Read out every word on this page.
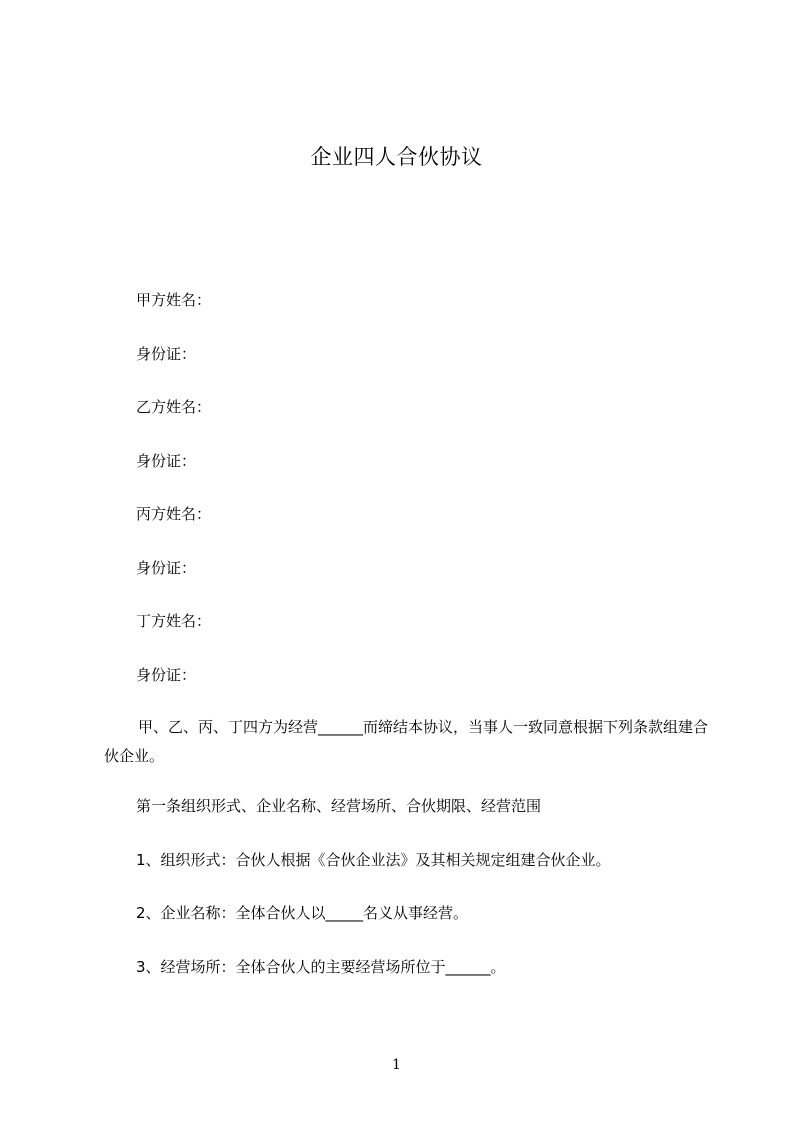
企业四人合伙协议
甲方姓名：
身份证：
乙方姓名：
身份证：
丙方姓名：
身份证：
丁方姓名：
身份证：
甲、乙、丙、丁四方为经营______而缔结本协议，当事人一致同意根据下列条款组建合伙企业。
第一条组织形式、企业名称、经营场所、合伙期限、经营范围
1、组织形式：合伙人根据《合伙企业法》及其相关规定组建合伙企业。
2、企业名称：全体合伙人以_____名义从事经营。
3、经营场所：全体合伙人的主要经营场所位于______。
1
